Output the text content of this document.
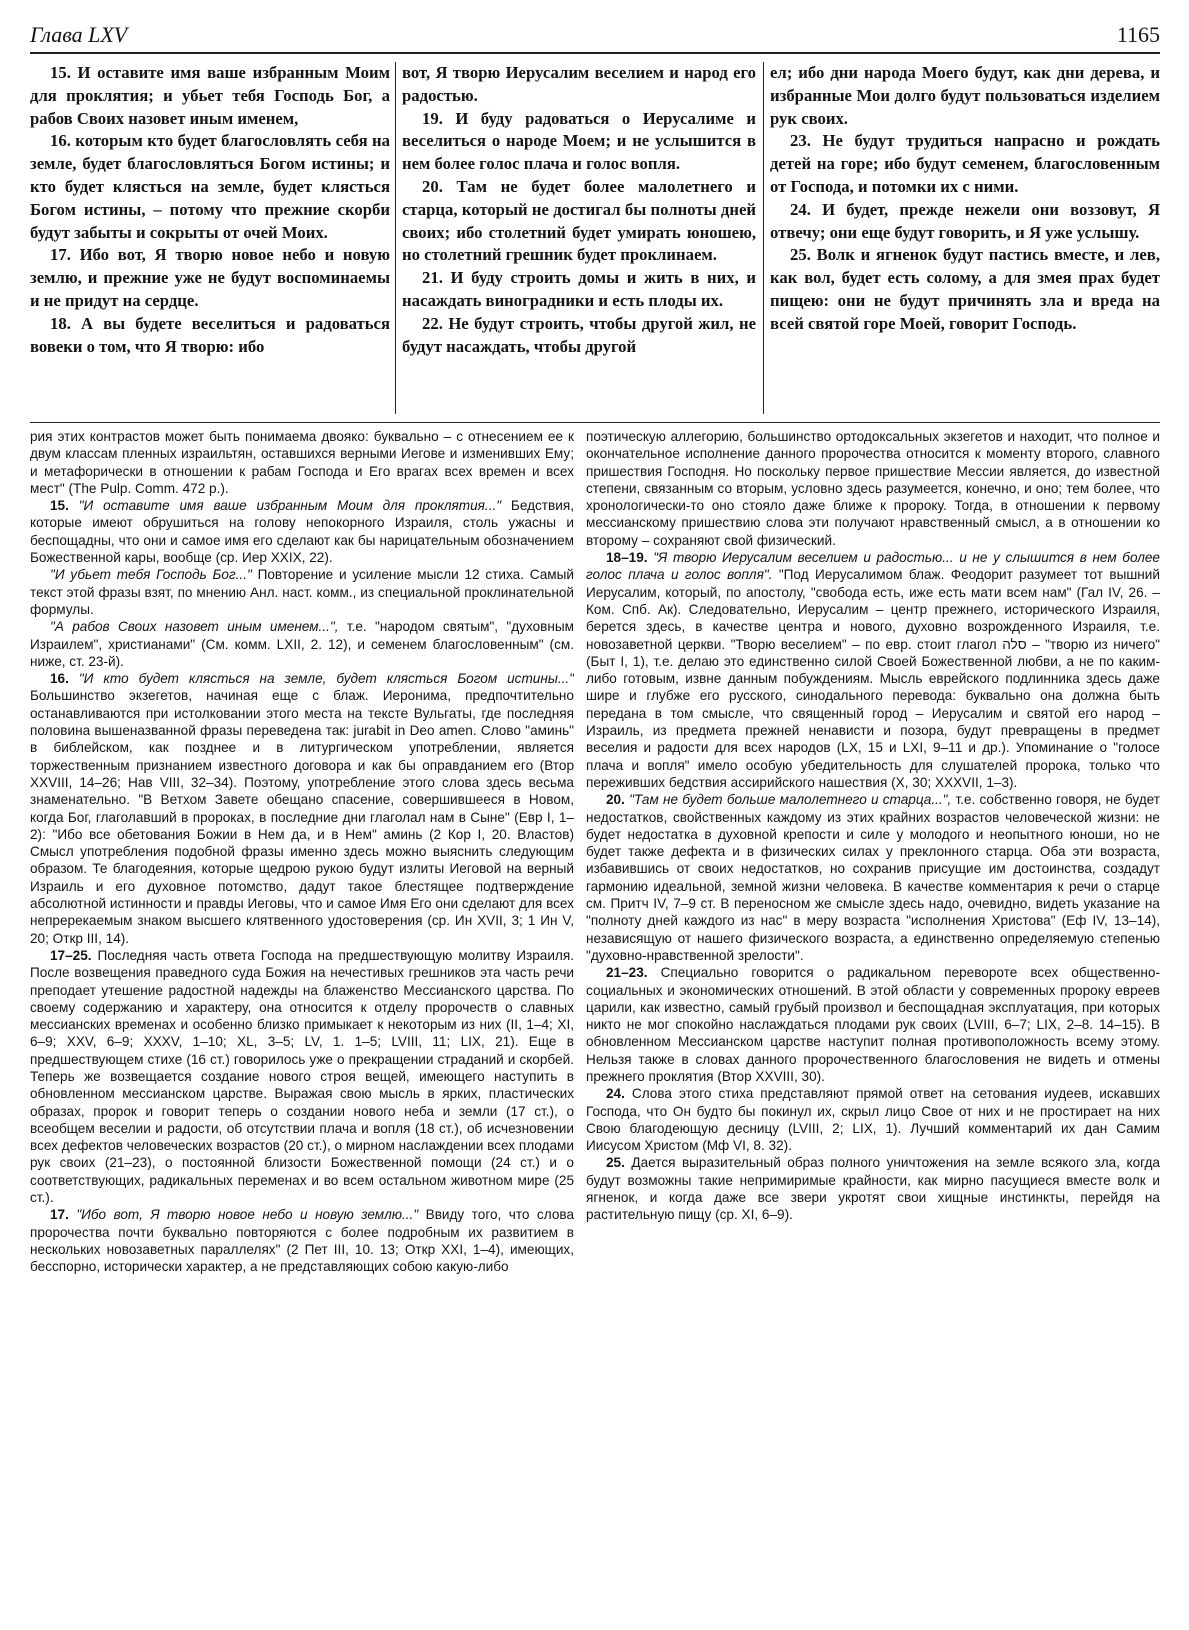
Глава LXV	1165

15. И оставите имя ваше избранным Моим для проклятия; и убьет тебя Господь Бог, а рабов Своих назовет иным именем,

16. которым кто будет благословлять себя на земле, будет благословляться Богом истины; и кто будет клясться на земле, будет клясться Богом истины, – потому что прежние скорби будут забыты и сокрыты от очей Моих.

17. Ибо вот, Я творю новое небо и новую землю, и прежние уже не будут воспоминаемы и не придут на сердце.

18. А вы будете веселиться и радоваться вовеки о том, что Я творю: ибо

вот, Я творю Иерусалим веселием и народ его радостью.

19. И буду радоваться о Иерусалиме и веселиться о народе Моем; и не услышится в нем более голос плача и голос вопля.

20. Там не будет более малолетнего и старца, который не достигал бы полноты дней своих; ибо столетний будет умирать юношею, но столетний грешник будет проклинаем.

21. И буду строить домы и жить в них, и насаждать виноградники и есть плоды их.

22. Не будут строить, чтобы другой жил, не будут насаждать, чтобы другой

ел; ибо дни народа Моего будут, как дни дерева, и избранные Мои долго будут пользоваться изделием рук своих.

23. Не будут трудиться напрасно и рождать детей на горе; ибо будут семенем, благословенным от Господа, и потомки их с ними.

24. И будет, прежде нежели они воззовут, Я отвечу; они еще будут говорить, и Я уже услышу.

25. Волк и ягненок будут пастись вместе, и лев, как вол, будет есть солому, а для змея прах будет пищею: они не будут причинять зла и вреда на всей святой горе Моей, говорит Господь.

рия этих контрастов может быть понимаема двояко: буквально – с отнесением ее к двум классам пленных израильтян, оставшихся верными Иегове и изменивших Ему; и метафорически в отношении к рабам Господа и Его врагах всех времен и всех мест" (The Pulp. Comm. 472 p.).

15. "И оставите имя ваше избранным Моим для проклятия..." Бедствия, которые имеют обрушиться на голову непокорного Израиля, столь ужасны и беспощадны, что они и самое имя его сделают как бы нарицательным обозначением Божественной кары, вообще (ср. Иер XXIX, 22).

"И убьет тебя Господь Бог..." Повторение и усиление мысли 12 стиха. Самый текст этой фразы взят, по мнению Анл. наст. комм., из специальной проклинательной формулы.

"А рабов Своих назовет иным именем...", т.е. "народом святым", "духовным Израилем", христианами" (См. комм. LXII, 2. 12), и семенем благословенным" (см. ниже, ст. 23-й).

16. "И кто будет клясться на земле, будет клясться Богом истины..." Большинство экзегетов, начиная еще с блаж. Иеронима, предпочтительно останавливаются при истолковании этого места на тексте Вульгаты, где последняя половина вышеназванной фразы переведена так: jurabit in Deo amen. Слово "аминь" в библейском, как позднее и в литургическом употреблении, является торжественным признанием известного договора и как бы оправданием его (Втор XXVIII, 14–26; Нав VIII, 32–34). Поэтому, употребление этого слова здесь весьма знаменательно. "В Ветхом Завете обещано спасение, совершившееся в Новом, когда Бог, глаголавший в пророках, в последние дни глаголал нам в Сыне" (Евр I, 1–2): "Ибо все обетования Божии в Нем да, и в Нем" аминь (2 Кор I, 20. Властов) Смысл употребления подобной фразы именно здесь можно выяснить следующим образом. Те благодеяния, которые щедрою рукою будут излиты Иеговой на верный Израиль и его духовное потомство, дадут такое блестящее подтверждение абсолютной истинности и правды Иеговы, что и самое Имя Его они сделают для всех непререкаемым знаком высшего клятвенного удостоверения (ср. Ин XVII, 3; 1 Ин V, 20; Откр III, 14).

17–25. Последняя часть ответа Господа на предшествующую молитву Израиля. После возвещения праведного суда Божия на нечестивых грешников эта часть речи преподает утешение радостной надежды на блаженство Мессианского царства. По своему содержанию и характеру, она относится к отделу пророчеств о славных мессианских временах и особенно близко примыкает к некоторым из них (II, 1–4; XI, 6–9; XXV, 6–9; XXXV, 1–10; XL, 3–5; LV, 1. 1–5; LVIII, 11; LIX, 21). Еще в предшествующем стихе (16 ст.) говорилось уже о прекращении страданий и скорбей. Теперь же возвещается создание нового строя вещей, имеющего наступить в обновленном мессианском царстве. Выражая свою мысль в ярких, пластических образах, пророк и говорит теперь о создании нового неба и земли (17 ст.), о всеобщем веселии и радости, об отсутствии плача и вопля (18 ст.), об исчезновении всех дефектов человеческих возрастов (20 ст.), о мирном наслаждении всех плодами рук своих (21–23), о постоянной близости Божественной помощи (24 ст.) и о соответствующих, радикальных переменах и во всем остальном животном мире (25 ст.).

17. "Ибо вот, Я творю новое небо и новую землю..." Ввиду того, что слова пророчества почти буквально повторяются с более подробным их развитием в нескольких новозаветных параллелях" (2 Пет III, 10. 13; Откр XXI, 1–4), имеющих, бесспорно, исторически характер, а не представляющих собою какую-либо

поэтическую аллегорию, большинство ортодоксальных экзегетов и находит, что полное и окончательное исполнение данного пророчества относится к моменту второго, славного пришествия Господня. Но поскольку первое пришествие Мессии является, до известной степени, связанным со вторым, условно здесь разумеется, конечно, и оно; тем более, что хронологически-то оно стояло даже ближе к пророку. Тогда, в отношении к первому мессианскому пришествию слова эти получают нравственный смысл, а в отношении ко второму – сохраняют свой физический.

18–19. "Я творю Иерусалим веселием и радостью... и не у слышится в нем более голос плача и голос вопля". "Под Иерусалимом блаж. Феодорит разумеет тот вышний Иерусалим, который, по апостолу, "свобода есть, иже есть мати всем нам" (Гал IV, 26. – Ком. Спб. Ак). Следовательно, Иерусалим – центр прежнего, исторического Израиля, берется здесь, в качестве центра и нового, духовно возрожденного Израиля, т.е. новозаветной церкви. "Творю веселием" – по евр. стоит глагол סלה – "творю из ничего" (Быт I, 1), т.е. делаю это единственно силой Своей Божественной любви, а не по каким-либо готовым, извне данным побуждениям. Мысль еврейского подлинника здесь даже шире и глубже его русского, синодального перевода: буквально она должна быть передана в том смысле, что священный город – Иерусалим и святой его народ – Израиль, из предмета прежней ненависти и позора, будут превращены в предмет веселия и радости для всех народов (LX, 15 и LXI, 9–11 и др.). Упоминание о "голосе плача и вопля" имело особую убедительность для слушателей пророка, только что переживших бедствия ассирийского нашествия (X, 30; XXXVII, 1–3).

20. "Там не будет больше малолетнего и старца...", т.е. собственно говоря, не будет недостатков, свойственных каждому из этих крайних возрастов человеческой жизни: не будет недостатка в духовной крепости и силе у молодого и неопытного юноши, но не будет также дефекта и в физических силах у преклонного старца. Оба эти возраста, избавившись от своих недостатков, но сохранив присущие им достоинства, создадут гармонию идеальной, земной жизни человека. В качестве комментария к речи о старце см. Притч IV, 7–9 ст. В переносном же смысле здесь надо, очевидно, видеть указание на "полноту дней каждого из нас" в меру возраста "исполнения Христова" (Еф IV, 13–14), независящую от нашего физического возраста, а единственно определяемую степенью "духовно-нравственной зрелости".

21–23. Специально говорится о радикальном перевороте всех общественно-социальных и экономических отношений. В этой области у современных пророку евреев царили, как известно, самый грубый произвол и беспощадная эксплуатация, при которых никто не мог спокойно наслаждаться плодами рук своих (LVIII, 6–7; LIX, 2–8. 14–15). В обновленном Мессианском царстве наступит полная противоположность всему этому. Нельзя также в словах данного пророчественного благословения не видеть и отмены прежнего проклятия (Втор XXVIII, 30).

24. Слова этого стиха представляют прямой ответ на сетования иудеев, искавших Господа, что Он будто бы покинул их, скрыл лицо Свое от них и не простирает на них Свою благодеющую десницу (LVIII, 2; LIX, 1). Лучший комментарий их дан Самим Иисусом Христом (Мф VI, 8. 32).

25. Дается выразительный образ полного уничтожения на земле всякого зла, когда будут возможны такие непримиримые крайности, как мирно пасущиеся вместе волк и ягненок, и когда даже все звери укротят свои хищные инстинкты, перейдя на растительную пищу (ср. XI, 6–9).
